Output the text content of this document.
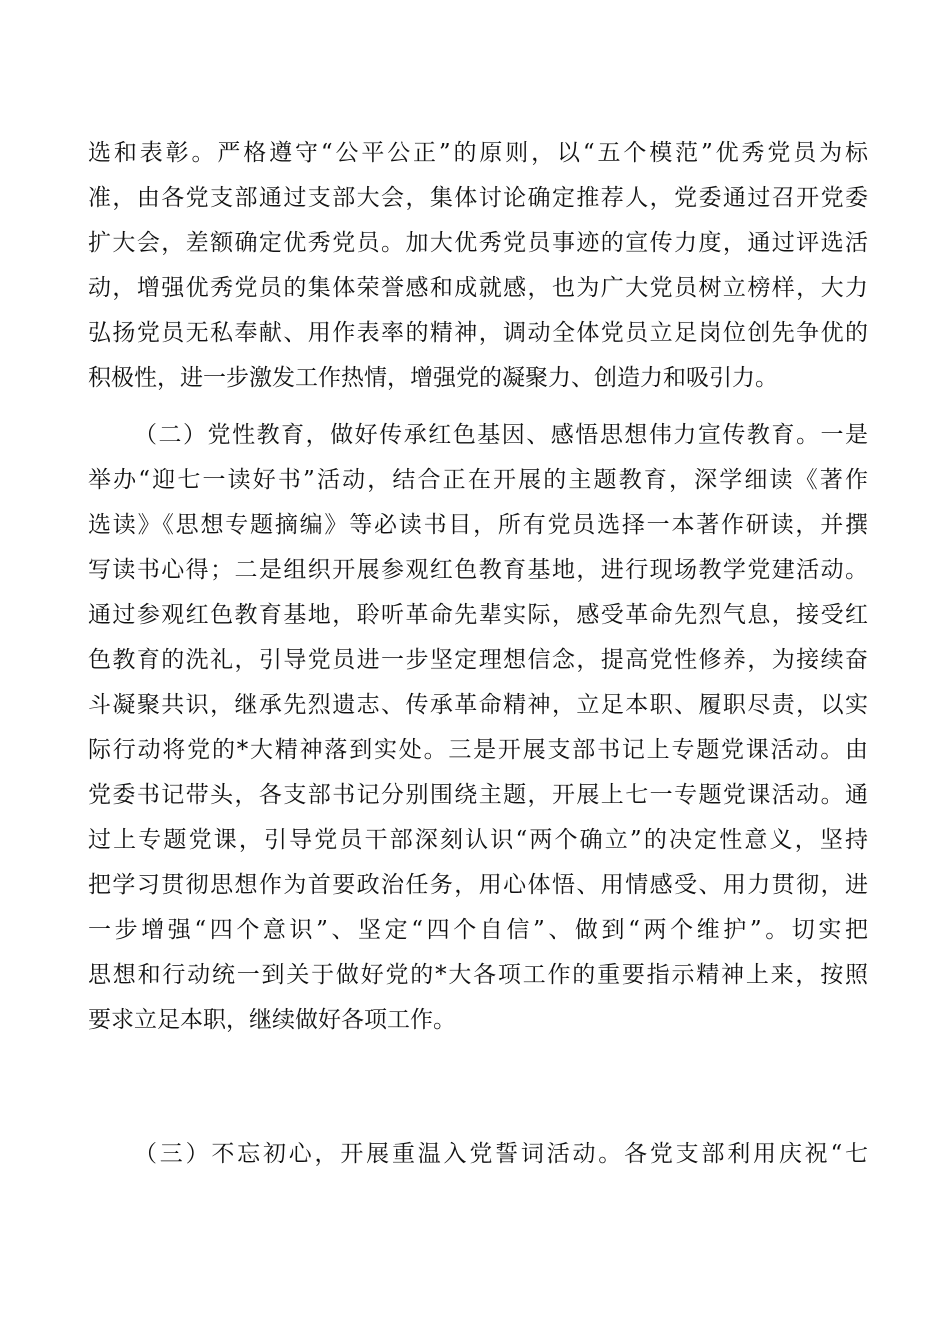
选和表彰。严格遵守“公平公正”的原则，以“五个模范”优秀党员为标
准，由各党支部通过支部大会，集体讨论确定推荐人，党委通过召开党委
扩大会，差额确定优秀党员。加大优秀党员事迹的宣传力度，通过评选活
动，增强优秀党员的集体荣誉感和成就感，也为广大党员树立榜样，大力
弘扬党员无私奉献、用作表率的精神，调动全体党员立足岗位创先争优的
积极性，进一步激发工作热情，增强党的凝聚力、创造力和吸引力。
（二）党性教育，做好传承红色基因、感悟思想伟力宣传教育。一是
举办“迎七一读好书”活动，结合正在开展的主题教育，深学细读《著作
选读》《思想专题摘编》等必读书目，所有党员选择一本著作研读，并撰
写读书心得；二是组织开展参观红色教育基地，进行现场教学党建活动。
通过参观红色教育基地，聆听革命先辈实际，感受革命先烈气息，接受红
色教育的洗礼，引导党员进一步坚定理想信念，提高党性修养，为接续奋
斗凝聚共识，继承先烈遗志、传承革命精神，立足本职、履职尽责，以实
际行动将党的*大精神落到实处。三是开展支部书记上专题党课活动。由
党委书记带头，各支部书记分别围绕主题，开展上七一专题党课活动。通
过上专题党课，引导党员干部深刻认识“两个确立”的决定性意义，坚持
把学习贯彻思想作为首要政治任务，用心体悟、用情感受、用力贯彻，进
一步增强“四个意识”、坚定“四个自信”、做到“两个维护”。切实把
思想和行动统一到关于做好党的*大各项工作的重要指示精神上来，按照
要求立足本职，继续做好各项工作。
（三）不忘初心，开展重温入党誓词活动。各党支部利用庆祝“七
